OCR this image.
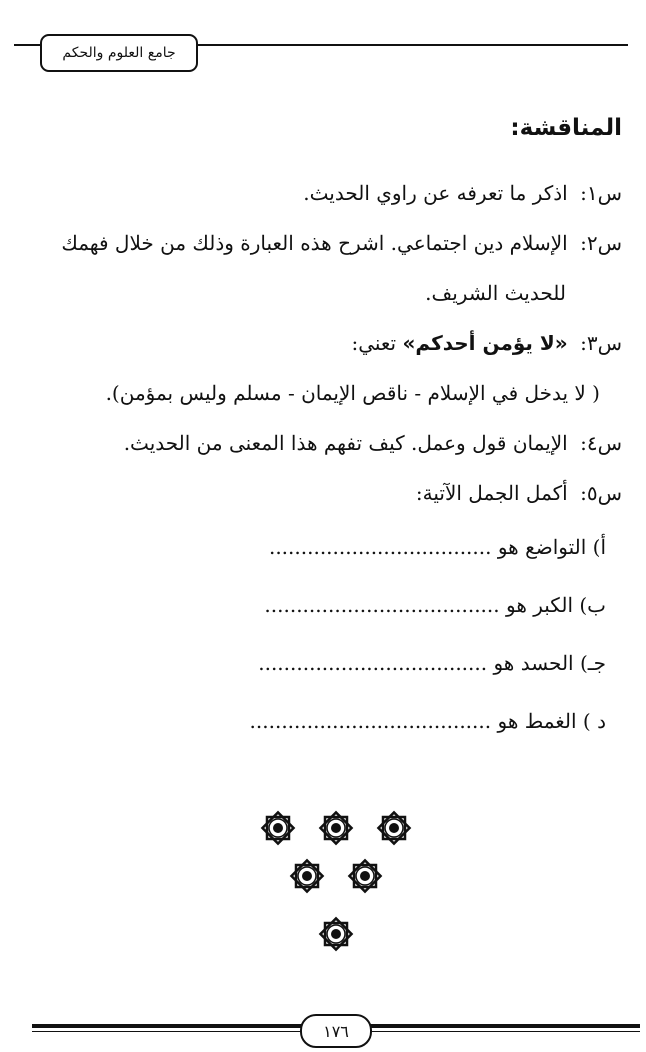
جامع العلوم والحكم
المناقشة:

س١: اذكر ما تعرفه عن راوي الحديث.

س٢: الإسلام دين اجتماعي. اشرح هذه العبارة وذلك من خلال فهمك

للحديث الشريف.

س٣: «لا يؤمن أحدكم» تعني:

( لا يدخل في الإسلام - ناقص الإيمان - مسلم وليس بمؤمن).

س٤: الإيمان قول وعمل. كيف تفهم هذا المعنى من الحديث.

س٥: أكمل الجمل الآتية:

أ) التواضع هو ...................................
ب) الكبر هو .....................................
جـ) الحسد هو ....................................
د ) الغمط هو ......................................
١٧٦
